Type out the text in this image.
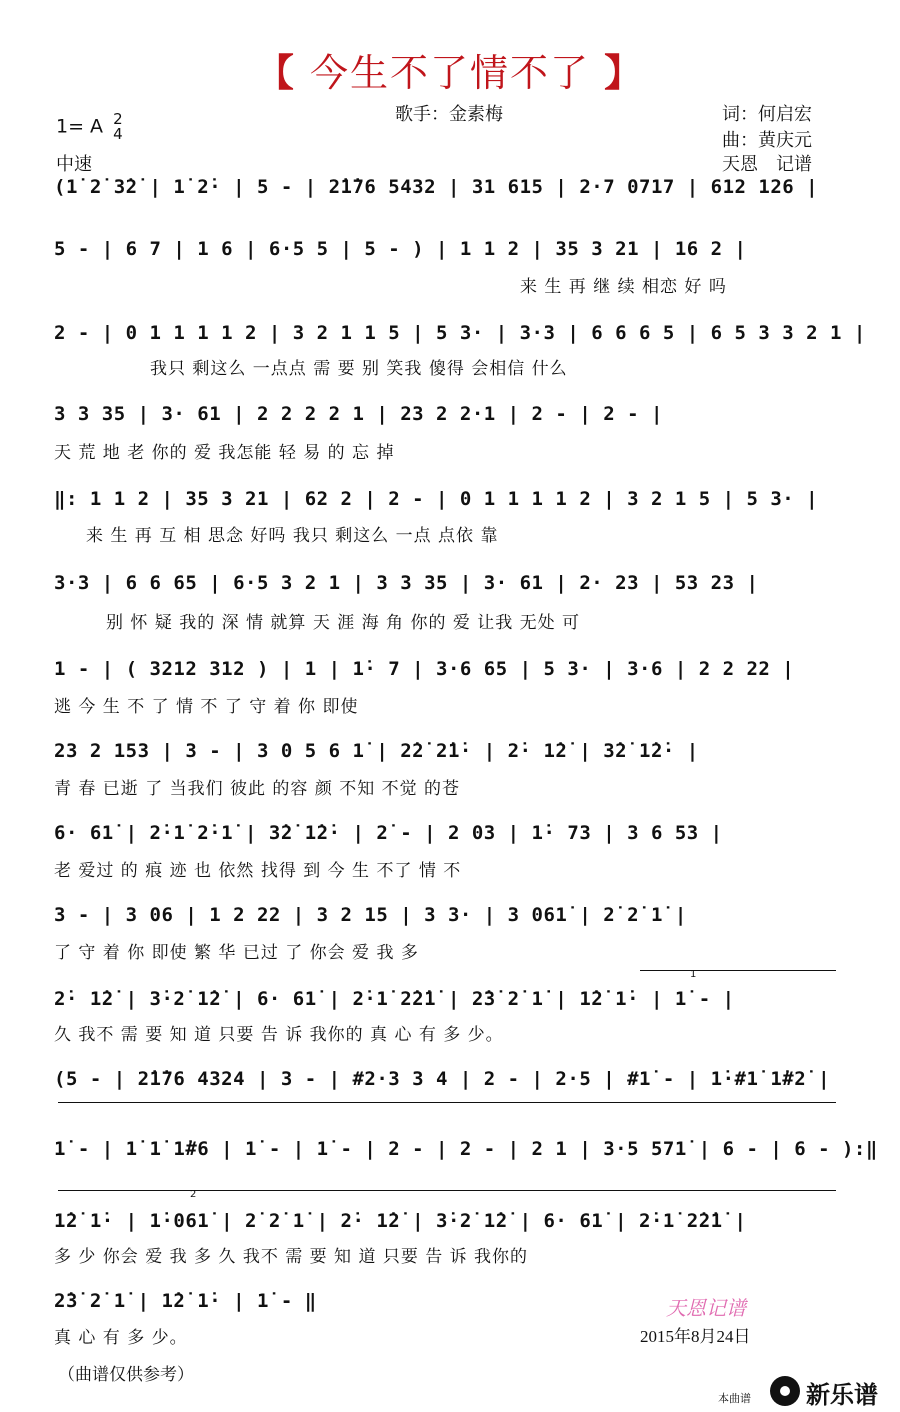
【 今生不了情不了 】
歌手：金素梅
1= A 2
4
中速
词：何启宏
曲：黄庆元
天恩　记谱
(1̇ 2̇ 3̇2̇ | 1̇ 2̇· | 5 - | 2̇1̇76 5432 | 31 615 | 2·7 0717 | 612 126 |
5 - | 6 7 | 1 6 | 6·5 5 | 5 - ) | 1 1 2 | 35 3 21 | 16 2 |
来 生 再 继 续 相恋 好 吗
2 - | 0 1 1 1 1 2 | 3 2 1 1 5 | 5 3· | 3·3 | 6 6 6 5 | 6 5 3 3 2 1 |
我只 剩这么 一点点 需 要 别 笑我 傻得 会相信 什么
3 3 35 | 3· 61 | 2 2 2 2 1 | 23 2 2·1 | 2 - | 2 - |
天 荒 地 老 你的 爱 我怎能 轻 易 的 忘 掉
‖: 1 1 2 | 35 3 21 | 62 2 | 2 - | 0 1 1 1 1 2 | 3 2 1 5 | 5 3· |
来 生 再 互 相 思念 好吗 我只 剩这么 一点 点依 靠
3·3 | 6 6 65 | 6·5 3 2 1 | 3 3 35 | 3· 61 | 2· 23 | 53 23 |
别 怀 疑 我的 深 情 就算 天 涯 海 角 你的 爱 让我 无处 可
1 - | ( 3212 312 ) | 1 | 1̇· 7 | 3·6 65 | 5 3· | 3·6 | 2 2 22 |
逃 今 生 不 了 情 不 了 守 着 你 即使
23 2 153 | 3 - | 3 0 5 6 1̇ | 2̇2̇ 2̇1̇· | 2̇· 1̇2̇ | 3̇2̇ 1̇2̇· |
青 春 已逝 了 当我们 彼此 的容 颜 不知 不觉 的苍
6· 61̇ | 2̇·1̇ 2̇·1̇ | 3̇2̇ 1̇2̇· | 2̇ - | 2 03 | 1̇· 73 | 3 6 53 |
老 爱过 的 痕 迹 也 依然 找得 到 今 生 不了 情 不
3 - | 3 06 | 1 2 22 | 3 2 15 | 3 3· | 3 061̇ | 2̇ 2̇ 1̇ |
了 守 着 你 即使 繁 华 已过 了 你会 爱 我 多
1
2̇· 1̇2̇ | 3̇·2̇ 1̇2̇ | 6· 61̇ | 2̇·1̇ 2̇2̇1̇ | 2̇3̇ 2̇ 1̇ | 1̇2̇ 1̇· | 1̇ - |
久 我不 需 要 知 道 只要 告 诉 我你的 真 心 有 多 少。
(5 - | 2̇1̇76 4324 | 3 - | #2·3 3 4 | 2 - | 2·5 | #1̇ - | 1̇·#1̇ 1̇#2̇ |
1̇ - | 1̇ 1̇ 1̇#6 | 1̇ - | 1̇ - | 2 - | 2 - | 2 1 | 3·5 571̇ | 6 - | 6 - ):‖
2
1̇2̇ 1̇· | 1̇·061̇ | 2̇ 2̇ 1̇ | 2̇· 1̇2̇ | 3̇·2̇ 1̇2̇ | 6· 61̇ | 2̇·1̇ 2̇2̇1̇ |
多 少 你会 爱 我 多 久 我不 需 要 知 道 只要 告 诉 我你的
2̇3̇ 2̇ 1̇ | 1̇2̇ 1̇· | 1̇ - ‖
真 心 有 多 少。
（曲谱仅供参考）
天恩记谱
2015年8月24日
本曲谱 新乐谱
